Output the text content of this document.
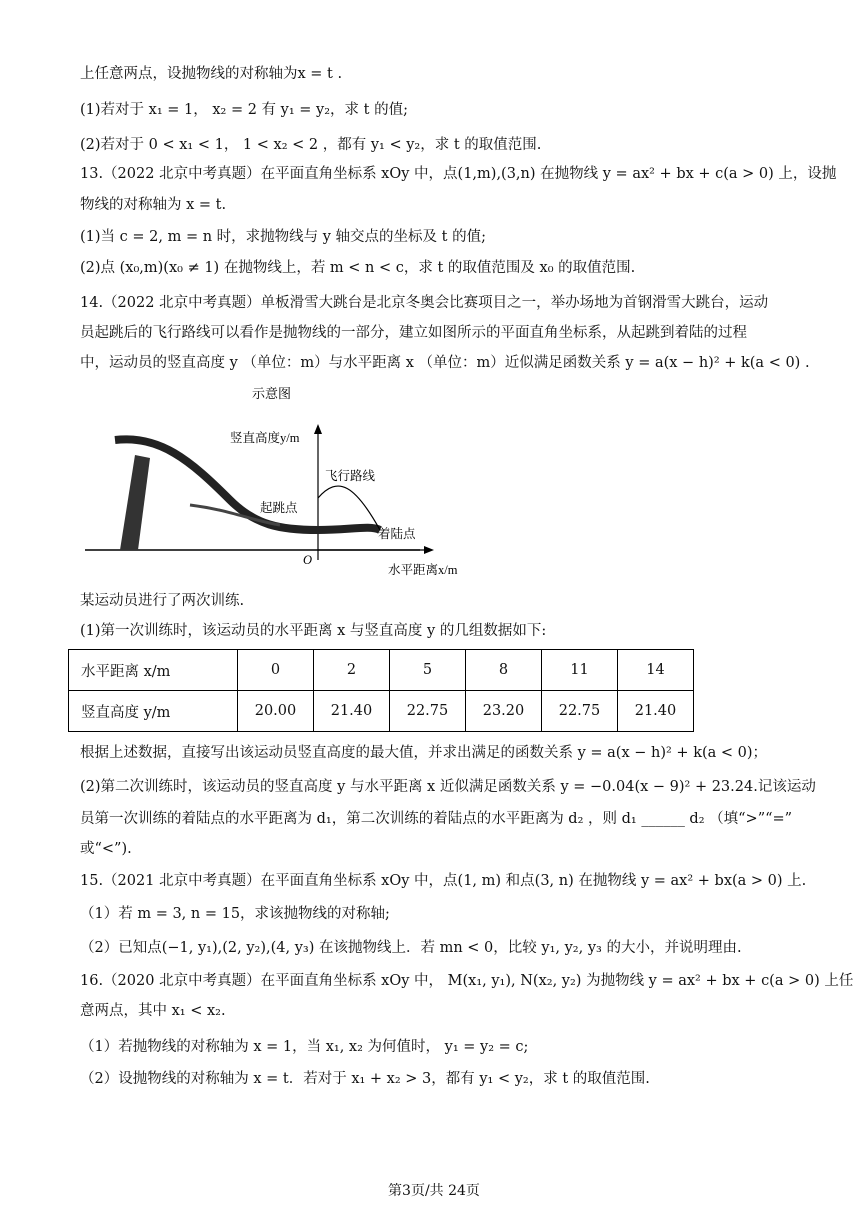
上任意两点，设抛物线的对称轴为x = t .
(1)若对于 x₁ = 1， x₂ = 2 有 y₁ = y₂，求 t 的值;
(2)若对于 0 < x₁ < 1， 1 < x₂ < 2 ，都有 y₁ < y₂，求 t 的取值范围.
13.（2022 北京中考真题）在平面直角坐标系 xOy 中，点(1,m),(3,n) 在抛物线 y = ax² + bx + c(a > 0) 上，设抛
物线的对称轴为 x = t.
(1)当 c = 2, m = n 时，求抛物线与 y 轴交点的坐标及 t 的值;
(2)点 (x₀,m)(x₀ ≠ 1) 在抛物线上，若 m < n < c，求 t 的取值范围及 x₀ 的取值范围.
14.（2022 北京中考真题）单板滑雪大跳台是北京冬奥会比赛项目之一，举办场地为首钢滑雪大跳台，运动
员起跳后的飞行路线可以看作是抛物线的一部分，建立如图所示的平面直角坐标系，从起跳到着陆的过程
中，运动员的竖直高度 y （单位：m）与水平距离 x （单位：m）近似满足函数关系 y = a(x − h)² + k(a < 0) .
示意图
竖直高度y/m
飞行路线
起跳点
着陆点
O
水平距离x/m
某运动员进行了两次训练.
(1)第一次训练时，该运动员的水平距离 x 与竖直高度 y 的几组数据如下:
水平距离 x/m	0	2	5	8	11	14
竖直高度 y/m	20.00	21.40	22.75	23.20	22.75	21.40
根据上述数据，直接写出该运动员竖直高度的最大值，并求出满足的函数关系 y = a(x − h)² + k(a < 0)；
(2)第二次训练时，该运动员的竖直高度 y 与水平距离 x 近似满足函数关系 y = −0.04(x − 9)² + 23.24.记该运动
员第一次训练的着陆点的水平距离为 d₁，第二次训练的着陆点的水平距离为 d₂ ，则 d₁ ______ d₂ （填“>”“=”
或“<”).
15.（2021 北京中考真题）在平面直角坐标系 xOy 中，点(1, m) 和点(3, n) 在抛物线 y = ax² + bx(a > 0) 上.
（1）若 m = 3, n = 15，求该抛物线的对称轴;
（2）已知点(−1, y₁),(2, y₂),(4, y₃) 在该抛物线上．若 mn < 0，比较 y₁, y₂, y₃ 的大小，并说明理由.
16.（2020 北京中考真题）在平面直角坐标系 xOy 中， M(x₁, y₁), N(x₂, y₂) 为抛物线 y = ax² + bx + c(a > 0) 上任
意两点，其中 x₁ < x₂.
（1）若抛物线的对称轴为 x = 1，当 x₁, x₂ 为何值时， y₁ = y₂ = c;
（2）设抛物线的对称轴为 x = t．若对于 x₁ + x₂ > 3，都有 y₁ < y₂，求 t 的取值范围.
第3页/共 24页
